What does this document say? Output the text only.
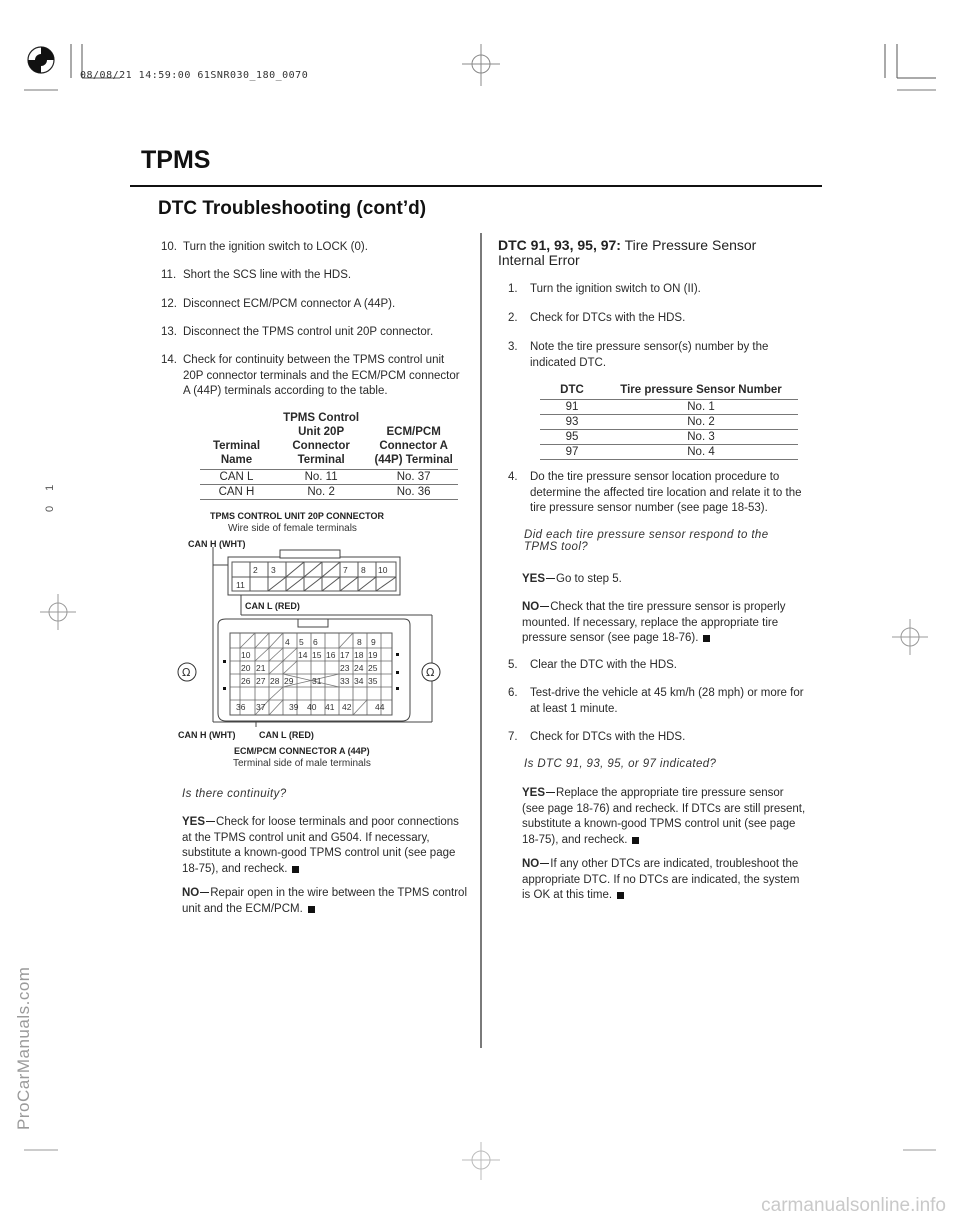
08/08/21 14:59:00 61SNR030_180_0070
TPMS
DTC Troubleshooting (cont’d)
ProCarManuals.com
0 1
10. Turn the ignition switch to LOCK (0).
11. Short the SCS line with the HDS.
12. Disconnect ECM/PCM connector A (44P).
13. Disconnect the TPMS control unit 20P connector.
14. Check for continuity between the TPMS control unit 20P connector terminals and the ECM/PCM connector A (44P) terminals according to the table.
Terminal Name	TPMS Control Unit 20P Connector Terminal	ECM/PCM Connector A (44P) Terminal
CAN L	No. 11	No. 37
CAN H	No. 2	No. 36
TPMS CONTROL UNIT 20P CONNECTOR
Wire side of female terminals
CAN H (WHT)
CAN L (RED)
CAN H (WHT)	CAN L (RED)
ECM/PCM CONNECTOR A (44P)
Terminal side of male terminals
2 3	7 8 10
11
Ω	Ω
4 5 6	8 9
10	14 15 16 17 18 19
20 21	23 24 25
26 27 28 29 31 33 34 35
36 37	39 40 41 42	44
Is there continuity?
YES Check for loose terminals and poor connections at the TPMS control unit and G504. If necessary, substitute a known-good TPMS control unit (see page 18-75), and recheck.
NO Repair open in the wire between the TPMS control unit and the ECM/PCM.
DTC 91, 93, 95, 97: Tire Pressure Sensor Internal Error
1.	Turn the ignition switch to ON (II).
2.	Check for DTCs with the HDS.
3.	Note the tire pressure sensor(s) number by the indicated DTC.
DTC	Tire pressure Sensor Number
91	No. 1
93	No. 2
95	No. 3
97	No. 4
4.	Do the tire pressure sensor location procedure to determine the affected tire location and relate it to the tire pressure sensor number (see page 18-53).
Did each tire pressure sensor respond to the TPMS tool?
YES Go to step 5.
NO Check that the tire pressure sensor is properly mounted. If necessary, replace the appropriate tire pressure sensor (see page 18-76).
5.	Clear the DTC with the HDS.
6.	Test-drive the vehicle at 45 km/h (28 mph) or more for at least 1 minute.
7.	Check for DTCs with the HDS.
Is DTC 91, 93, 95, or 97 indicated?
YES Replace the appropriate tire pressure sensor (see page 18-76) and recheck. If DTCs are still present, substitute a known-good TPMS control unit (see page 18-75), and recheck.
NO If any other DTCs are indicated, troubleshoot the appropriate DTC. If no DTCs are indicated, the system is OK at this time.
carmanualsonline.info
